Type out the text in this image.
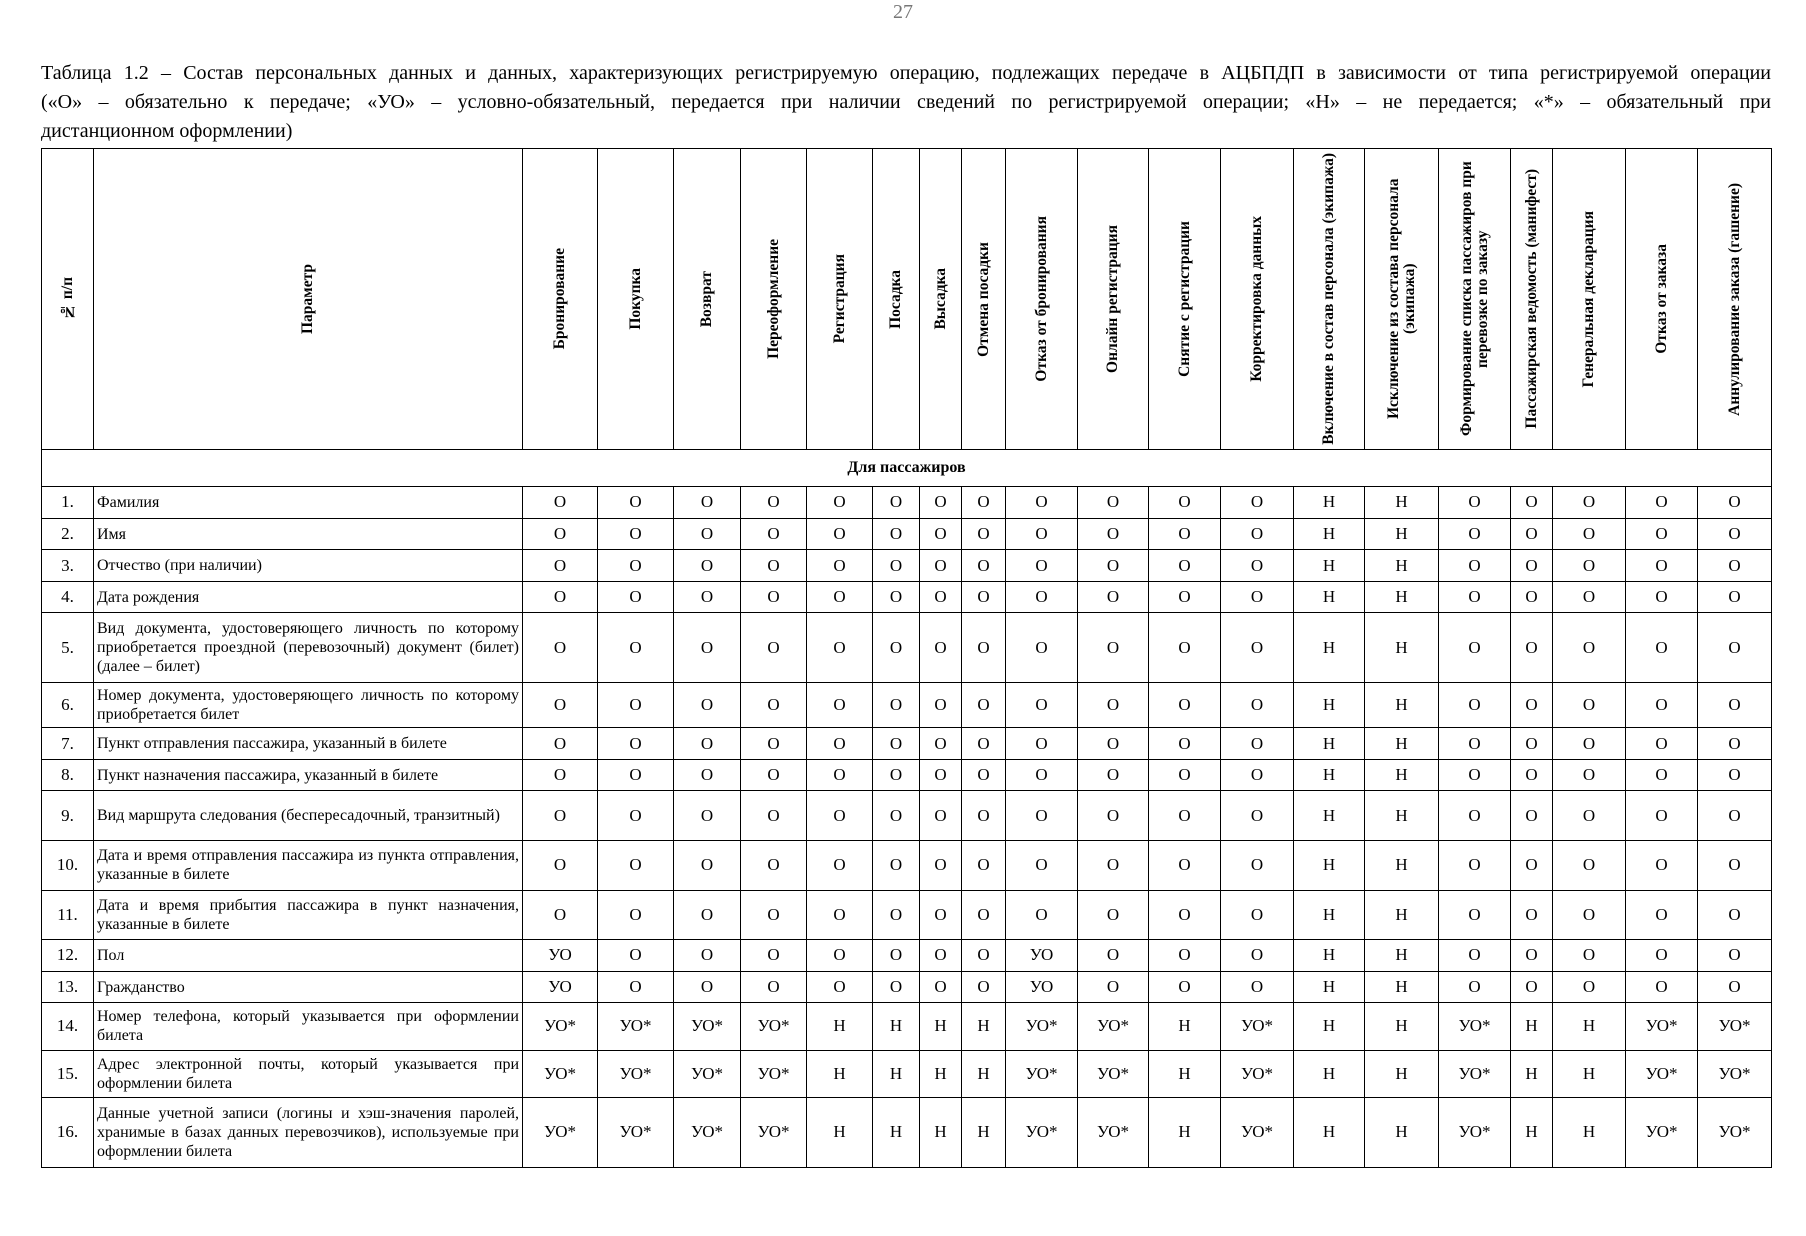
27
Таблица 1.2 – Состав персональных данных и данных, характеризующих регистрируемую операцию, подлежащих передаче в АЦБПДП в зависимости от типа регистрируемой операции
(«О» – обязательно к передаче; «УО» – условно-обязательный, передается при наличии сведений по регистрируемой операции; «Н» – не передается; «*» – обязательный при
дистанционном оформлении)
№ п/п	Параметр	Бронирование	Покупка	Возврат	Переоформление	Регистрация	Посадка	Высадка	Отмена посадки	Отказ от бронирования	Онлайн регистрация	Снятие с регистрации	Корректировка данных	Включение в состав персонала (экипажа)	Исключение из состава персонала (экипажа)	Формирование списка пассажиров при перевозке по заказу	Пассажирская ведомость (манифест)	Генеральная декларация	Отказ от заказа	Аннулирование заказа (гашение)

Для пассажиров																				
1.	Фамилия	О	О	О	О	О	О	О	О	О	О	О	О	Н	Н	О	О	О	О	О
2.	Имя	О	О	О	О	О	О	О	О	О	О	О	О	Н	Н	О	О	О	О	О
3.	Отчество (при наличии)	О	О	О	О	О	О	О	О	О	О	О	О	Н	Н	О	О	О	О	О
4.	Дата рождения	О	О	О	О	О	О	О	О	О	О	О	О	Н	Н	О	О	О	О	О
5.	Вид документа, удостоверяющего личность по которому приобретается проездной (перевозочный) документ (билет) (далее – билет)	О	О	О	О	О	О	О	О	О	О	О	О	Н	Н	О	О	О	О	О
6.	Номер документа, удостоверяющего личность по которому приобретается билет	О	О	О	О	О	О	О	О	О	О	О	О	Н	Н	О	О	О	О	О
7.	Пункт отправления пассажира, указанный в билете	О	О	О	О	О	О	О	О	О	О	О	О	Н	Н	О	О	О	О	О
8.	Пункт назначения пассажира, указанный в билете	О	О	О	О	О	О	О	О	О	О	О	О	Н	Н	О	О	О	О	О
9.	Вид маршрута следования (беспересадочный, транзитный)	О	О	О	О	О	О	О	О	О	О	О	О	Н	Н	О	О	О	О	О
10.	Дата и время отправления пассажира из пункта отправления, указанные в билете	О	О	О	О	О	О	О	О	О	О	О	О	Н	Н	О	О	О	О	О
11.	Дата и время прибытия пассажира в пункт назначения, указанные в билете	О	О	О	О	О	О	О	О	О	О	О	О	Н	Н	О	О	О	О	О
12.	Пол	УО	О	О	О	О	О	О	О	УО	О	О	О	Н	Н	О	О	О	О	О
13.	Гражданство	УО	О	О	О	О	О	О	О	УО	О	О	О	Н	Н	О	О	О	О	О
14.	Номер телефона, который указывается при оформлении билета	УО*	УО*	УО*	УО*	Н	Н	Н	Н	УО*	УО*	Н	УО*	Н	Н	УО*	Н	Н	УО*	УО*
15.	Адрес электронной почты, который указывается при оформлении билета	УО*	УО*	УО*	УО*	Н	Н	Н	Н	УО*	УО*	Н	УО*	Н	Н	УО*	Н	Н	УО*	УО*
16.	Данные учетной записи (логины и хэш-значения паролей, хранимые в базах данных перевозчиков), используемые при оформлении билета	УО*	УО*	УО*	УО*	Н	Н	Н	Н	УО*	УО*	Н	УО*	Н	Н	УО*	Н	Н	УО*	УО*
